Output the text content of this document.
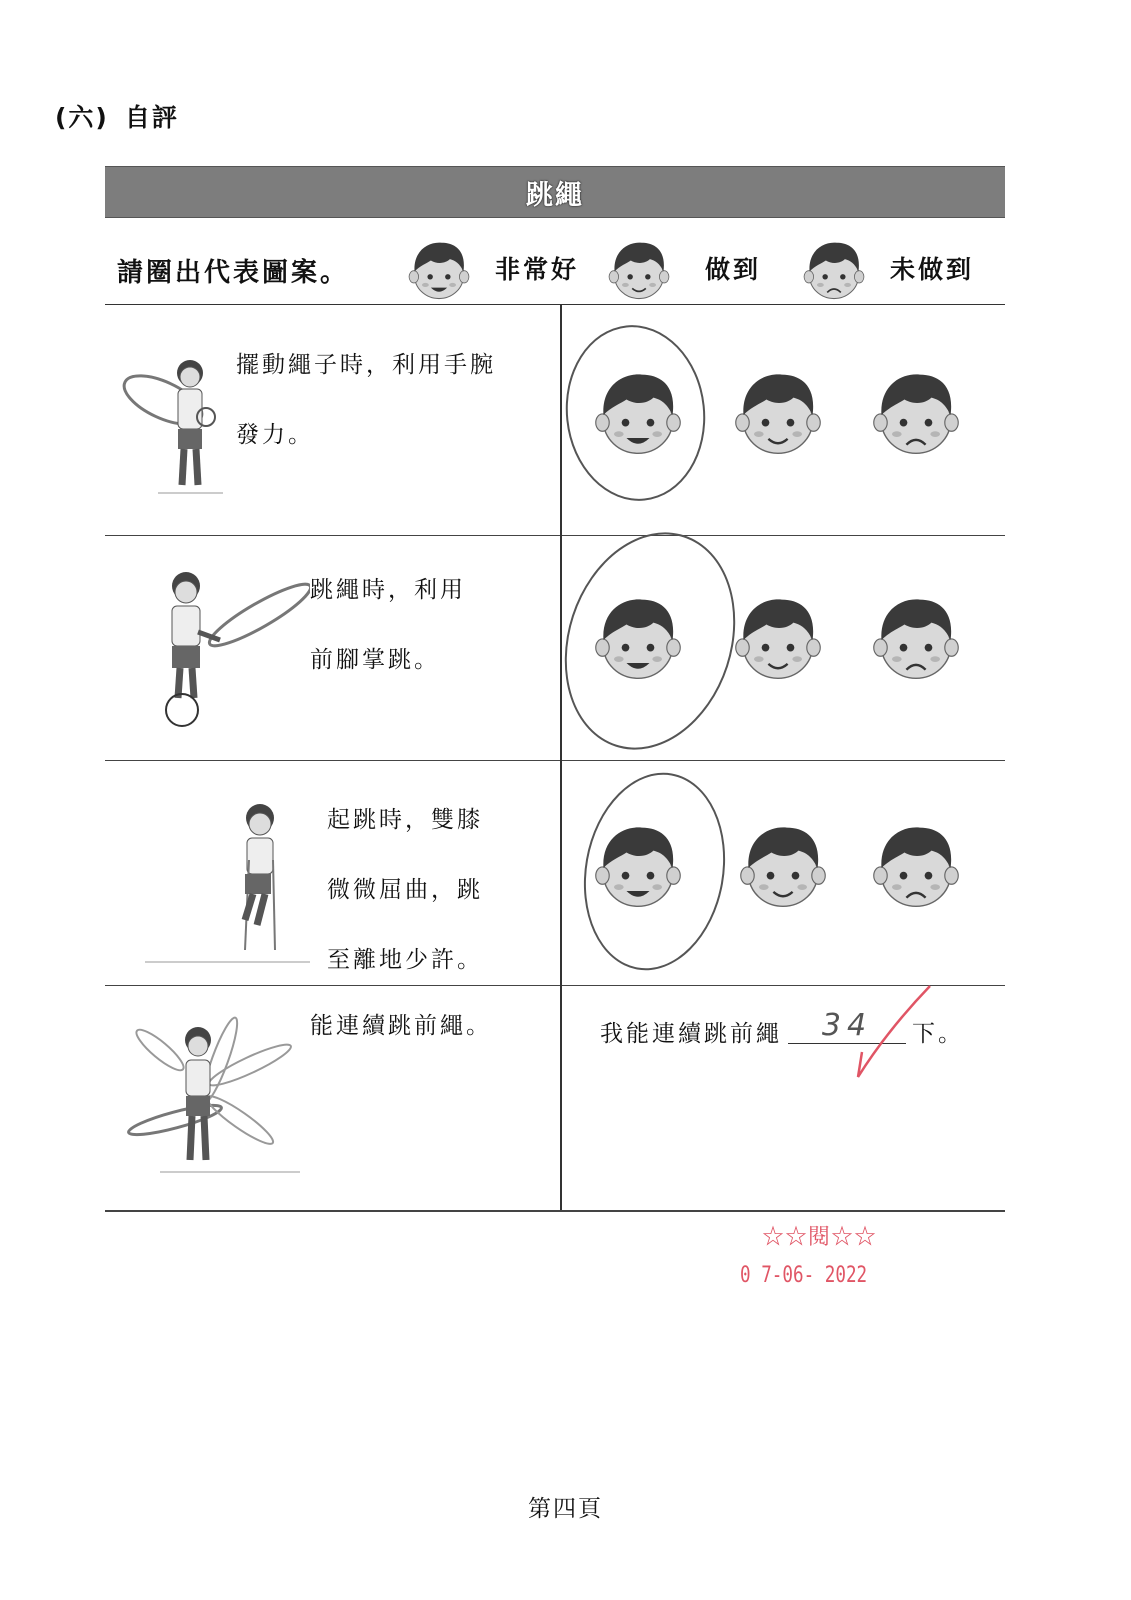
(六) 自評
跳繩
請圈出代表圖案。	非常好	做到	未做到
擺動繩子時，利用手腕
發力。
跳繩時，利用
前腳掌跳。
起跳時，雙膝
微微屈曲，跳
至離地少許。
能連續跳前繩。	我能連續跳前繩 34 下。
☆☆閱☆☆
0 7-06- 2022
第四頁
